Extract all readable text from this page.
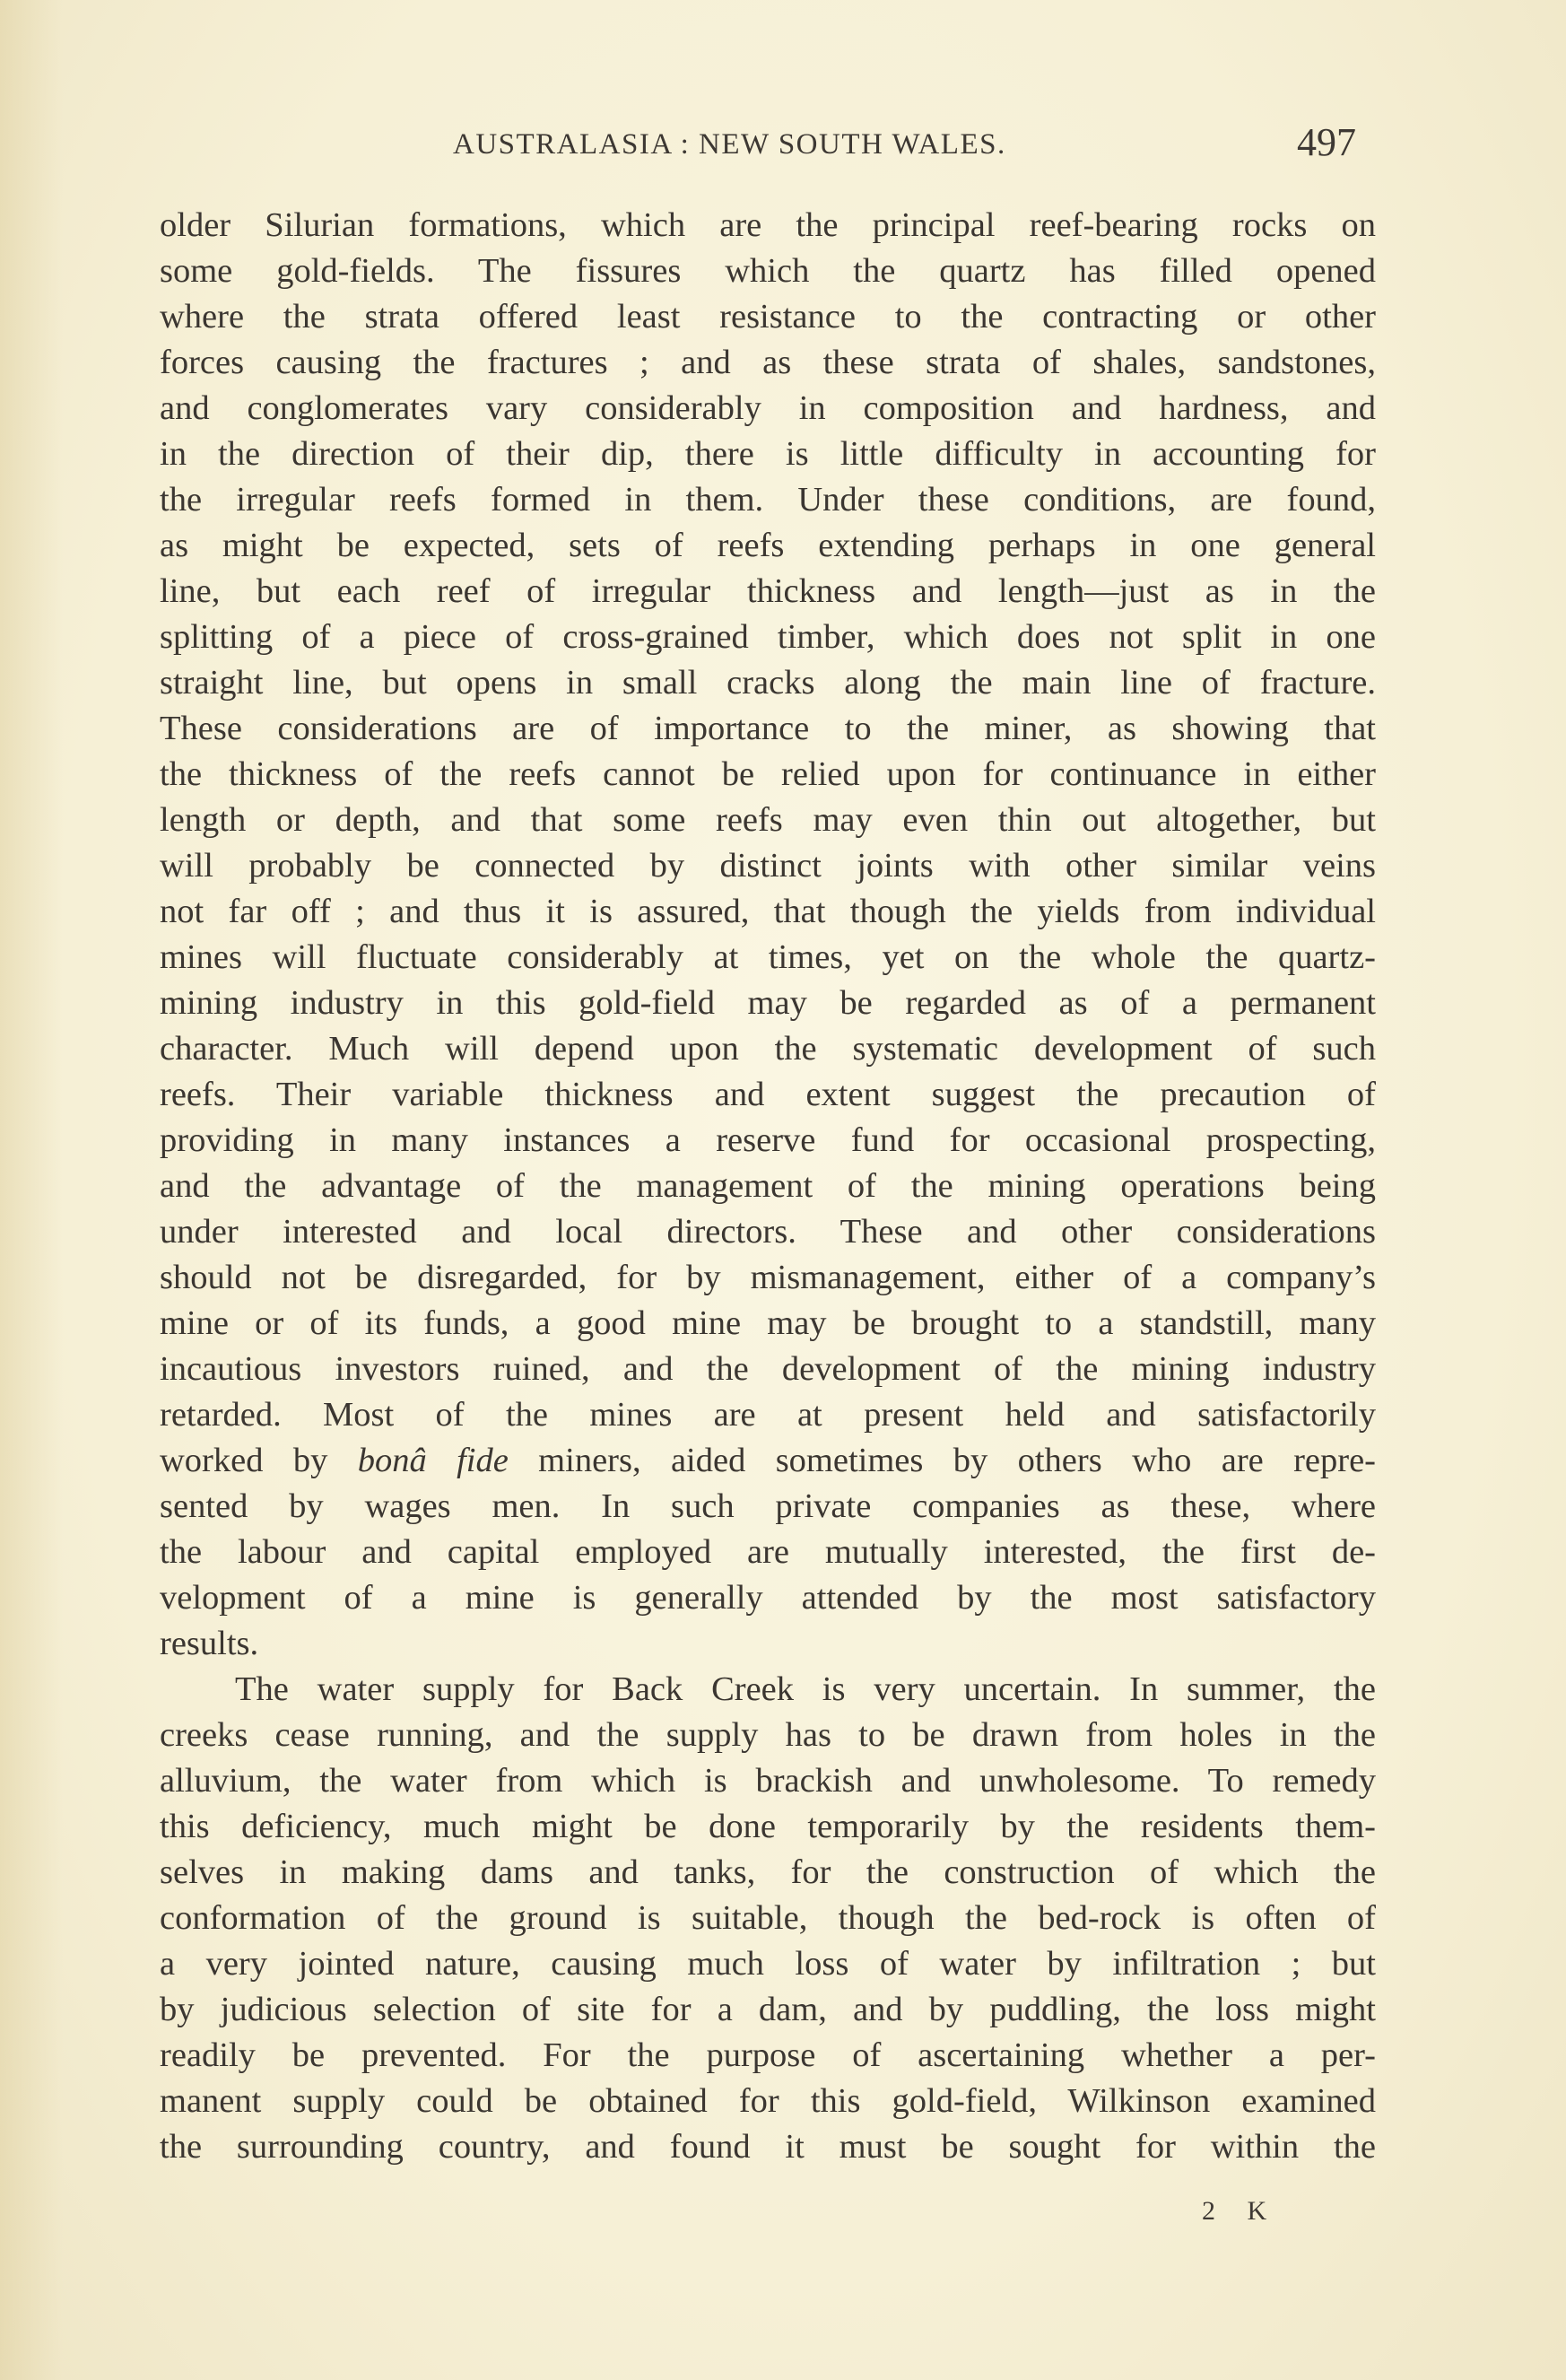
AUSTRALASIA : NEW SOUTH WALES.	497
older Silurian formations, which are the principal reef-bearing rocks on
some gold-fields. The fissures which the quartz has filled opened
where the strata offered least resistance to the contracting or other
forces causing the fractures ; and as these strata of shales, sandstones,
and conglomerates vary considerably in composition and hardness, and
in the direction of their dip, there is little difficulty in accounting for
the irregular reefs formed in them. Under these conditions, are found,
as might be expected, sets of reefs extending perhaps in one general
line, but each reef of irregular thickness and length—just as in the
splitting of a piece of cross-grained timber, which does not split in one
straight line, but opens in small cracks along the main line of fracture.
These considerations are of importance to the miner, as showing that
the thickness of the reefs cannot be relied upon for continuance in either
length or depth, and that some reefs may even thin out altogether, but
will probably be connected by distinct joints with other similar veins
not far off ; and thus it is assured, that though the yields from individual
mines will fluctuate considerably at times, yet on the whole the quartz-
mining industry in this gold-field may be regarded as of a permanent
character. Much will depend upon the systematic development of such
reefs. Their variable thickness and extent suggest the precaution of
providing in many instances a reserve fund for occasional prospecting,
and the advantage of the management of the mining operations being
under interested and local directors. These and other considerations
should not be disregarded, for by mismanagement, either of a company’s
mine or of its funds, a good mine may be brought to a standstill, many
incautious investors ruined, and the development of the mining industry
retarded. Most of the mines are at present held and satisfactorily
worked by bonâ fide miners, aided sometimes by others who are repre-
sented by wages men. In such private companies as these, where
the labour and capital employed are mutually interested, the first de-
velopment of a mine is generally attended by the most satisfactory
results.
The water supply for Back Creek is very uncertain. In summer, the
creeks cease running, and the supply has to be drawn from holes in the
alluvium, the water from which is brackish and unwholesome. To remedy
this deficiency, much might be done temporarily by the residents them-
selves in making dams and tanks, for the construction of which the
conformation of the ground is suitable, though the bed-rock is often of
a very jointed nature, causing much loss of water by infiltration ; but
by judicious selection of site for a dam, and by puddling, the loss might
readily be prevented. For the purpose of ascertaining whether a per-
manent supply could be obtained for this gold-field, Wilkinson examined
the surrounding country, and found it must be sought for within the
2 K
